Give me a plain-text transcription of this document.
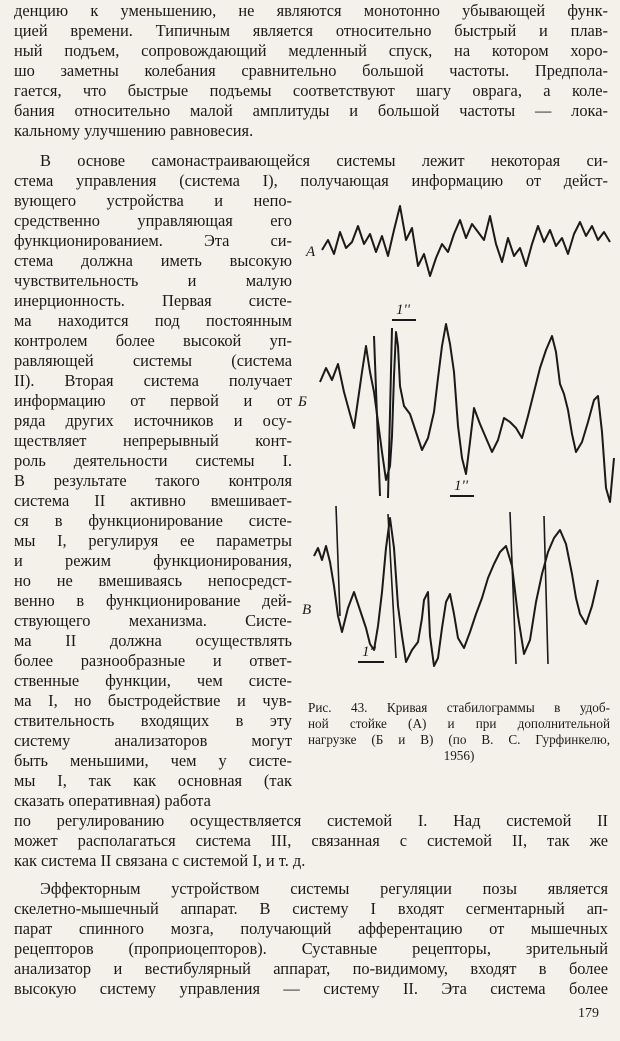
денцию к уменьшению, не являются монотонно убывающей функ-

цией времени. Типичным является относительно быстрый и плав-

ный подъем, сопровождающий медленный спуск, на котором хоро-

шо заметны колебания сравнительно большой частоты. Предпола-

гается, что быстрые подъемы соответствуют шагу оврага, а коле-

бания относительно малой амплитуды и большой частоты — лока-

кальному улучшению равновесия.

В основе самонастраивающейся системы лежит некоторая си-

стема управления (система I), получающая информацию от дейст-

вующего устройства и непо-

средственно управляющая его

функционированием. Эта си-

стема должна иметь высокую

чувствительность и малую

инерционность. Первая систе-

ма находится под постоянным

контролем более высокой уп-

равляющей системы (система

II). Вторая система получает

информацию от первой и от

ряда других источников и осу-

ществляет непрерывный конт-

роль деятельности системы I.

В результате такого контроля

система II активно вмешивает-

ся в функционирование систе-

мы I, регулируя ее параметры

и режим функционирования,

но не вмешиваясь непосредст-

венно в функционирование дей-

ствующего механизма. Систе-

ма II должна осуществлять

более разнообразные и ответ-

ственные функции, чем систе-

ма I, но быстродействие и чув-

ствительность входящих в эту

систему анализаторов могут

быть меньшими, чем у систе-

мы I, так как основная (так

сказать оперативная) работа

А
Б
В
1''
1''
1''

Рис. 43. Кривая стабилограммы в удоб-

ной стойке (А) и при дополнительной

нагрузке (Б и В) (по В. С. Гурфинкелю,

1956)

по регулированию осуществляется системой I. Над системой II

может располагаться система III, связанная с системой II, так же

как система II связана с системой I, и т. д.

Эффекторным устройством системы регуляции позы является

скелетно-мышечный аппарат. В систему I входят сегментарный ап-

парат спинного мозга, получающий афферентацию от мышечных

рецепторов (проприоцепторов). Суставные рецепторы, зрительный

анализатор и вестибулярный аппарат, по-видимому, входят в более

высокую систему управления — систему II. Эта система более

179
